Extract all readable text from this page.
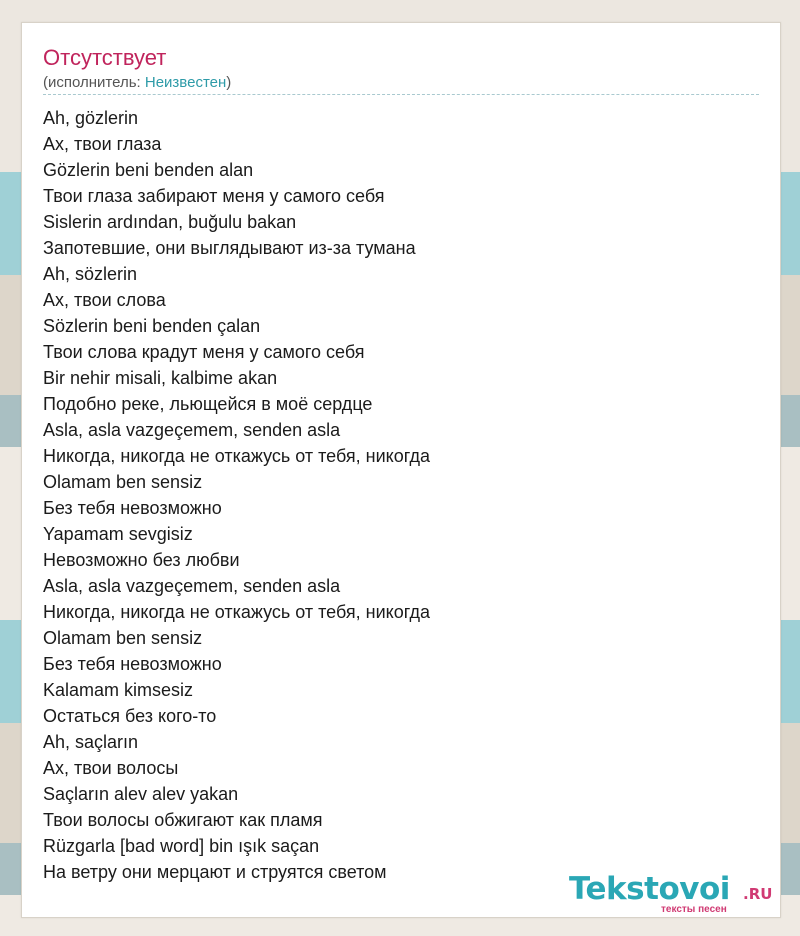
Отсутствует
(исполнитель: Неизвестен)
Ah, gözlerin
Ах, твои глаза
Gözlerin beni benden alan
Твои глаза забирают меня у самого себя
Sislerin ardından, buğulu bakan
Запотевшие, они выглядывают из-за тумана
Ah, sözlerin
Ах, твои слова
Sözlerin beni benden çalan
Твои слова крадут меня у самого себя
Bir nehir misali, kalbime akan
Подобно реке, льющейся в моё сердце
Asla, asla vazgeçemem, senden asla
Никогда, никогда не откажусь от тебя, никогда
Olamam ben sensiz
Без тебя невозможно
Yapamam sevgisiz
Невозможно без любви
Asla, asla vazgeçemem, senden asla
Никогда, никогда не откажусь от тебя, никогда
Olamam ben sensiz
Без тебя невозможно
Kalamam kimsesiz
Остаться без кого-то
Ah, saçların
Ах, твои волосы
Saçların alev alev yakan
Твои волосы обжигают как пламя
Rüzgarla [bad word] bin ışık saçan
На ветру они мерцают и струятся светом	Tekstovoi .RU
тексты песен
